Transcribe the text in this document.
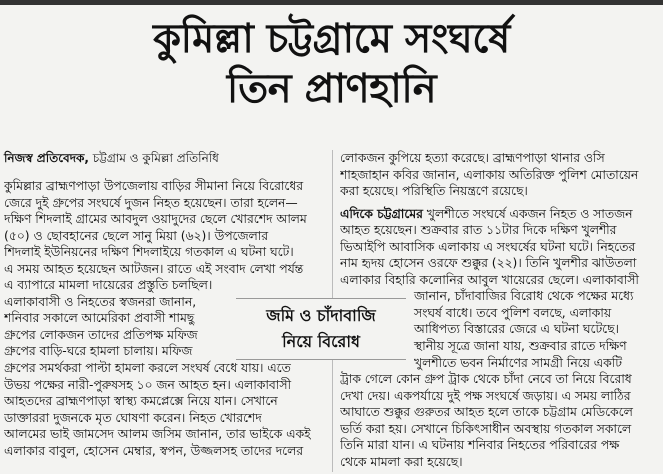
কুমিল্লা চট্টগ্রামে সংঘর্ষে
তিন প্রাণহানি
নিজস্ব প্রতিবেদক, চট্টগ্রাম ও কুমিল্লা প্রতিনিধি
কুমিল্লার ব্রাহ্মণপাড়া উপজেলায় বাড়ির সীমানা নিয়ে বিরোধের
জেরে দুই গ্রুপের সংঘর্ষে দুজন নিহত হয়েছেন। তারা হলেন—
দক্ষিণ শিদলাই গ্রামের আবদুল ওয়াদুদের ছেলে খোরশেদ আলম
(৫০) ও ছোবহানের ছেলে সানু মিয়া (৬২)। উপজেলার
শিদলাই ইউনিয়নের দক্ষিণ শিদলাইয়ে গতকাল এ ঘটনা ঘটে।
এ সময় আহত হয়েছেন আটজন। রাতে এই সংবাদ লেখা পর্যন্ত
এ ব্যাপারে মামলা দায়েরের প্রস্তুতি চলছিল।
এলাকাবাসী ও নিহতের স্বজনরা জানান,
শনিবার সকালে আমেরিকা প্রবাসী শামছু
গ্রুপের লোকজন তাদের প্রতিপক্ষ মফিজ
গ্রুপের বাড়ি-ঘরে হামলা চালায়। মফিজ
গ্রুপের সমর্থকরা পাল্টা হামলা করলে সংঘর্ষ বেধে যায়। এতে
উভয় পক্ষের নারী-পুরুষসহ ১০ জন আহত হন। এলাকাবাসী
আহতদের ব্রাহ্মণপাড়া স্বাস্থ্য কমপ্লেক্সে নিয়ে যান। সেখানে
ডাক্তাররা দুজনকে মৃত ঘোষণা করেন। নিহত খোরশেদ
আলমের ভাই জামসেদ আলম জসিম জানান, তার ভাইকে একই
এলাকার বাবুল, হোসেন মেম্বার, স্বপন, উজ্জলসহ তাদের দলের
লোকজন কুপিয়ে হত্যা করেছে। ব্রাহ্মণপাড়া থানার ওসি
শাহজাহান কবির জানান, এলাকায় অতিরিক্ত পুলিশ মোতায়েন
করা হয়েছে। পরিস্থিতি নিয়ন্ত্রণে রয়েছে।
এদিকে চট্টগ্রামের খুলশীতে সংঘর্ষে একজন নিহত ও সাতজন
আহত হয়েছেন। শুক্রবার রাত ১১টার দিকে দক্ষিণ খুলশীর
ভিআইপি আবাসিক এলাকায় এ সংঘর্ষের ঘটনা ঘটে। নিহতের
নাম হৃদয় হোসেন ওরফে শুক্কুর (২২)। তিনি খুলশীর ঝাউতলা
এলাকার বিহারি কলোনির আবুল খায়েরের ছেলে। এলাকাবাসী
জানান, চাঁদাবাজির বিরোধ থেকে পক্ষের মধ্যে
সংঘর্ষ বাধে। তবে পুলিশ বলছে, এলাকায়
আধিপত্য বিস্তারের জেরে এ ঘটনা ঘটেছে।
স্থানীয় সূত্রে জানা যায়, শুক্রবার রাতে দক্ষিণ
খুলশীতে ভবন নির্মাণের সামগ্রী নিয়ে একটি
ট্রাক গেলে কোন গ্রুপ ট্রাক থেকে চাঁদা নেবে তা নিয়ে বিরোধ
দেখা দেয়। একপর্যায়ে দুই পক্ষ সংঘর্ষে জড়ায়। এ সময় লাঠির
আঘাতে শুক্কুর গুরুতর আহত হলে তাকে চট্টগ্রাম মেডিকেলে
ভর্তি করা হয়। সেখানে চিকিৎসাধীন অবস্থায় গতকাল সকালে
তিনি মারা যান। এ ঘটনায় শনিবার নিহতের পরিবারের পক্ষ
থেকে মামলা করা হয়েছে।
জমি ও চাঁদাবাজি
নিয়ে বিরোধ
